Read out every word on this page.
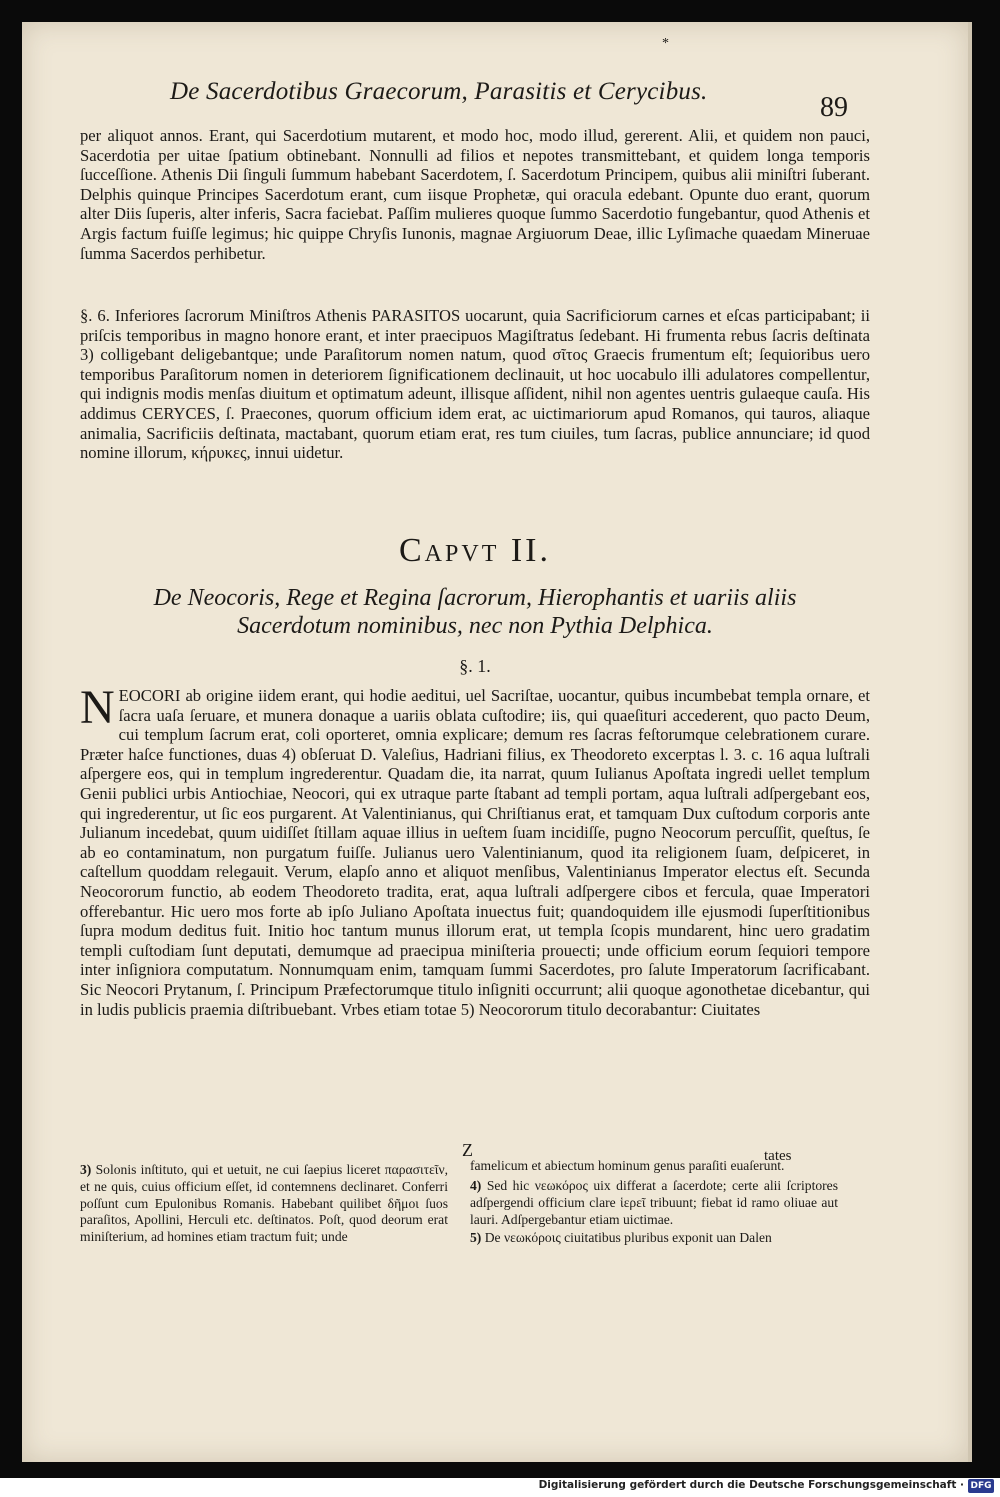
*
De Sacerdotibus Graecorum, Parasitis et Cerycibus.
89
per aliquot annos. Erant, qui Sacerdotium mutarent, et modo hoc, modo illud, gererent. Alii, et quidem non pauci, Sacerdotia per uitae ſpatium obtinebant. Nonnulli ad filios et nepotes transmittebant, et quidem longa temporis ſucceſſione. Athenis Dii ſinguli ſummum habebant Sacerdotem, ſ. Sacerdotum Principem, quibus alii miniſtri ſuberant. Delphis quinque Principes Sacerdotum erant, cum iisque Prophetæ, qui oracula edebant. Opunte duo erant, quorum alter Diis ſuperis, alter inferis, Sacra faciebat. Paſſim mulieres quoque ſummo Sacerdotio fungebantur, quod Athenis et Argis factum fuiſſe legimus; hic quippe Chryſis Iunonis, magnae Argiuorum Deae, illic Lyſimache quaedam Mineruae ſumma Sacerdos perhibetur.
§. 6. Inferiores ſacrorum Miniſtros Athenis PARASITOS uocarunt, quia Sacrificiorum carnes et eſcas participabant; ii priſcis temporibus in magno honore erant, et inter praecipuos Magiſtratus ſedebant. Hi frumenta rebus ſacris deſtinata 3) colligebant deligebantque; unde Paraſitorum nomen natum, quod σῖτος Graecis frumentum eſt; ſequioribus uero temporibus Paraſitorum nomen in deteriorem ſignificationem declinauit, ut hoc uocabulo illi adulatores compellentur, qui indignis modis menſas diuitum et optimatum adeunt, illisque aſſident, nihil non agentes uentris gulaeque cauſa. His addimus CERYCES, ſ. Praecones, quorum officium idem erat, ac uictimariorum apud Romanos, qui tauros, aliaque animalia, Sacrificiis deſtinata, mactabant, quorum etiam erat, res tum ciuiles, tum ſacras, publice annunciare; id quod nomine illorum, κήρυκες, innui uidetur.
Capvt II.
De Neocoris, Rege et Regina ſacrorum, Hierophantis et uariis aliis
Sacerdotum nominibus, nec non Pythia Delphica.
§. 1.
NEOCORI ab origine iidem erant, qui hodie aeditui, uel Sacriſtae, uocantur, quibus incumbebat templa ornare, et ſacra uaſa ſeruare, et munera donaque a uariis oblata cuſtodire; iis, qui quaeſituri accederent, quo pacto Deum, cui templum ſacrum erat, coli oporteret, omnia explicare; demum res ſacras feſtorumque celebrationem curare. Præter haſce functiones, duas 4) obſeruat D. Valeſius, Hadriani filius, ex Theodoreto excerptas l. 3. c. 16 aqua luſtrali aſpergere eos, qui in templum ingrederentur. Quadam die, ita narrat, quum Iulianus Apoſtata ingredi uellet templum Genii publici urbis Antiochiae, Neocori, qui ex utraque parte ſtabant ad templi portam, aqua luſtrali adſpergebant eos, qui ingrederentur, ut ſic eos purgarent. At Valentinianus, qui Chriſtianus erat, et tamquam Dux cuſtodum corporis ante Julianum incedebat, quum uidiſſet ſtillam aquae illius in ueſtem ſuam incidiſſe, pugno Neocorum percuſſit, queſtus, ſe ab eo contaminatum, non purgatum fuiſſe. Julianus uero Valentinianum, quod ita religionem ſuam, deſpiceret, in caſtellum quoddam relegauit. Verum, elapſo anno et aliquot menſibus, Valentinianus Imperator electus eſt. Secunda Neocororum functio, ab eodem Theodoreto tradita, erat, aqua luſtrali adſpergere cibos et fercula, quae Imperatori offerebantur. Hic uero mos forte ab ipſo Juliano Apoſtata inuectus fuit; quandoquidem ille ejusmodi ſuperſtitionibus ſupra modum deditus fuit. Initio hoc tantum munus illorum erat, ut templa ſcopis mundarent, hinc uero gradatim templi cuſtodiam ſunt deputati, demumque ad praecipua miniſteria prouecti; unde officium eorum ſequiori tempore inter inſigniora computatum. Nonnumquam enim, tamquam ſummi Sacerdotes, pro ſalute Imperatorum ſacrificabant. Sic Neocori Prytanum, ſ. Principum Præfectorumque titulo inſigniti occurrunt; alii quoque agonothetae dicebantur, qui in ludis publicis praemia diſtribuebant. Vrbes etiam totae 5) Neocororum titulo decorabantur: Ciuitates
Z	tates
3) Solonis inſtituto, qui et uetuit, ne cui ſaepius liceret παρασιτεῖν, et ne quis, cuius officium eſſet, id contemnens declinaret. Conferri poſſunt cum Epulonibus Romanis. Habebant quilibet δῆμοι ſuos paraſitos, Apollini, Herculi etc. deſtinatos. Poſt, quod deorum erat miniſterium, ad homines etiam tractum fuit; unde
famelicum et abiectum hominum genus paraſiti euaſerunt.
4) Sed hic νεωκόρος uix differat a ſacerdote; certe alii ſcriptores adſpergendi officium clare ἱερεῖ tribuunt; fiebat id ramo oliuae aut lauri. Adſpergebantur etiam uictimae.
5) De νεωκόροις ciuitatibus pluribus exponit uan Dalen
Digitalisierung gefördert durch die Deutsche Forschungsgemeinschaft · DFG
